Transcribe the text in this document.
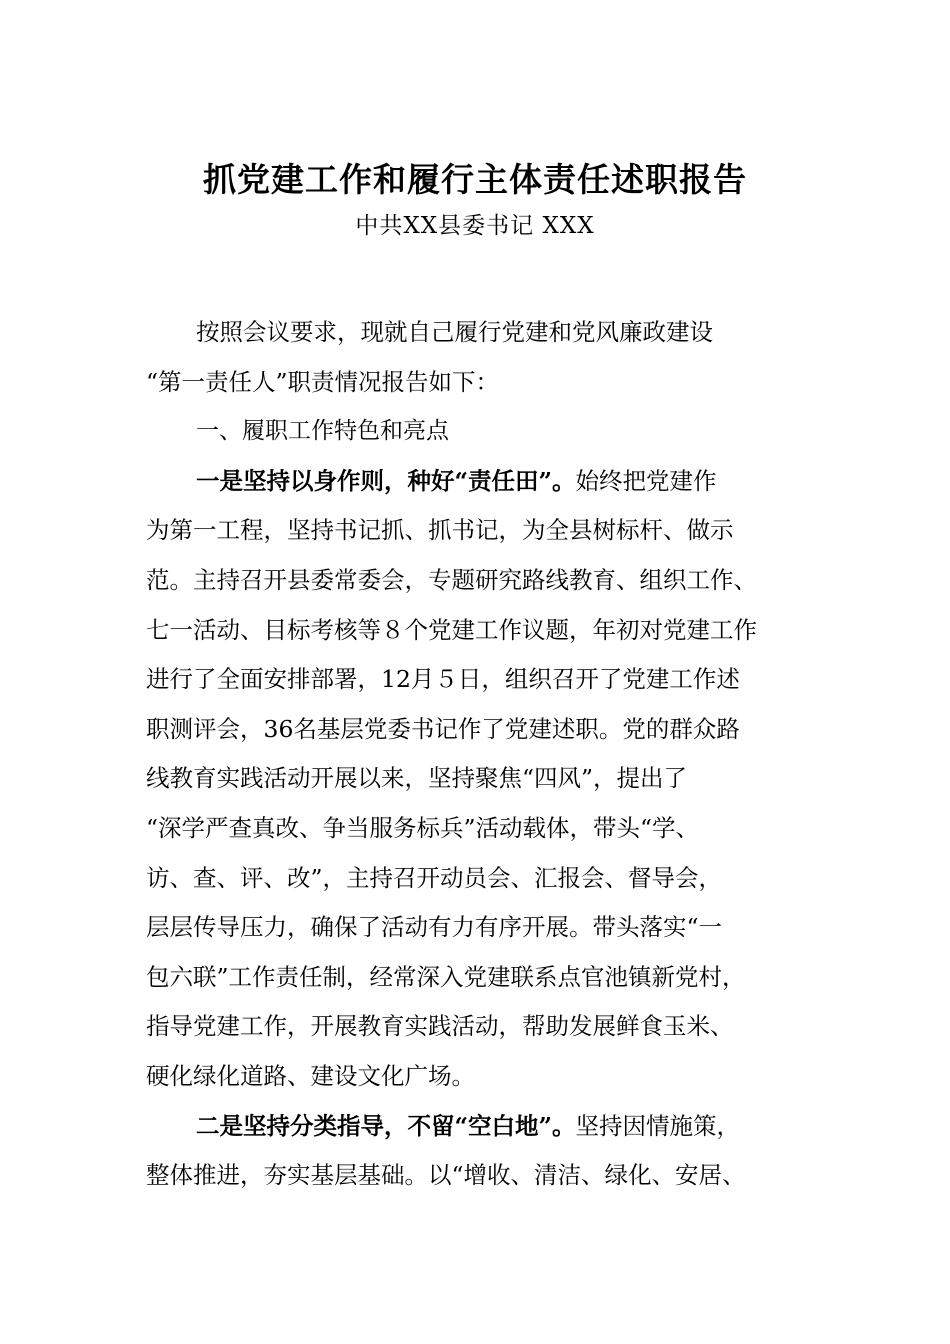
抓党建工作和履行主体责任述职报告
中共XX县委书记 XXX
按照会议要求，现就自己履行党建和党风廉政建设
“第一责任人”职责情况报告如下：
一、履职工作特色和亮点
一是坚持以身作则，种好“责任田”。始终把党建作
为第一工程，坚持书记抓、抓书记，为全县树标杆、做示
范。主持召开县委常委会，专题研究路线教育、组织工作、
七一活动、目标考核等８个党建工作议题，年初对党建工作
进行了全面安排部署，12月５日，组织召开了党建工作述
职测评会，36名基层党委书记作了党建述职。党的群众路
线教育实践活动开展以来，坚持聚焦“四风”，提出了
“深学严查真改、争当服务标兵”活动载体，带头“学、
访、查、评、改”，主持召开动员会、汇报会、督导会，
层层传导压力，确保了活动有力有序开展。带头落实“一
包六联”工作责任制，经常深入党建联系点官池镇新党村，
指导党建工作，开展教育实践活动，帮助发展鲜食玉米、
硬化绿化道路、建设文化广场。
二是坚持分类指导，不留“空白地”。坚持因情施策，
整体推进，夯实基层基础。以“增收、清洁、绿化、安居、
